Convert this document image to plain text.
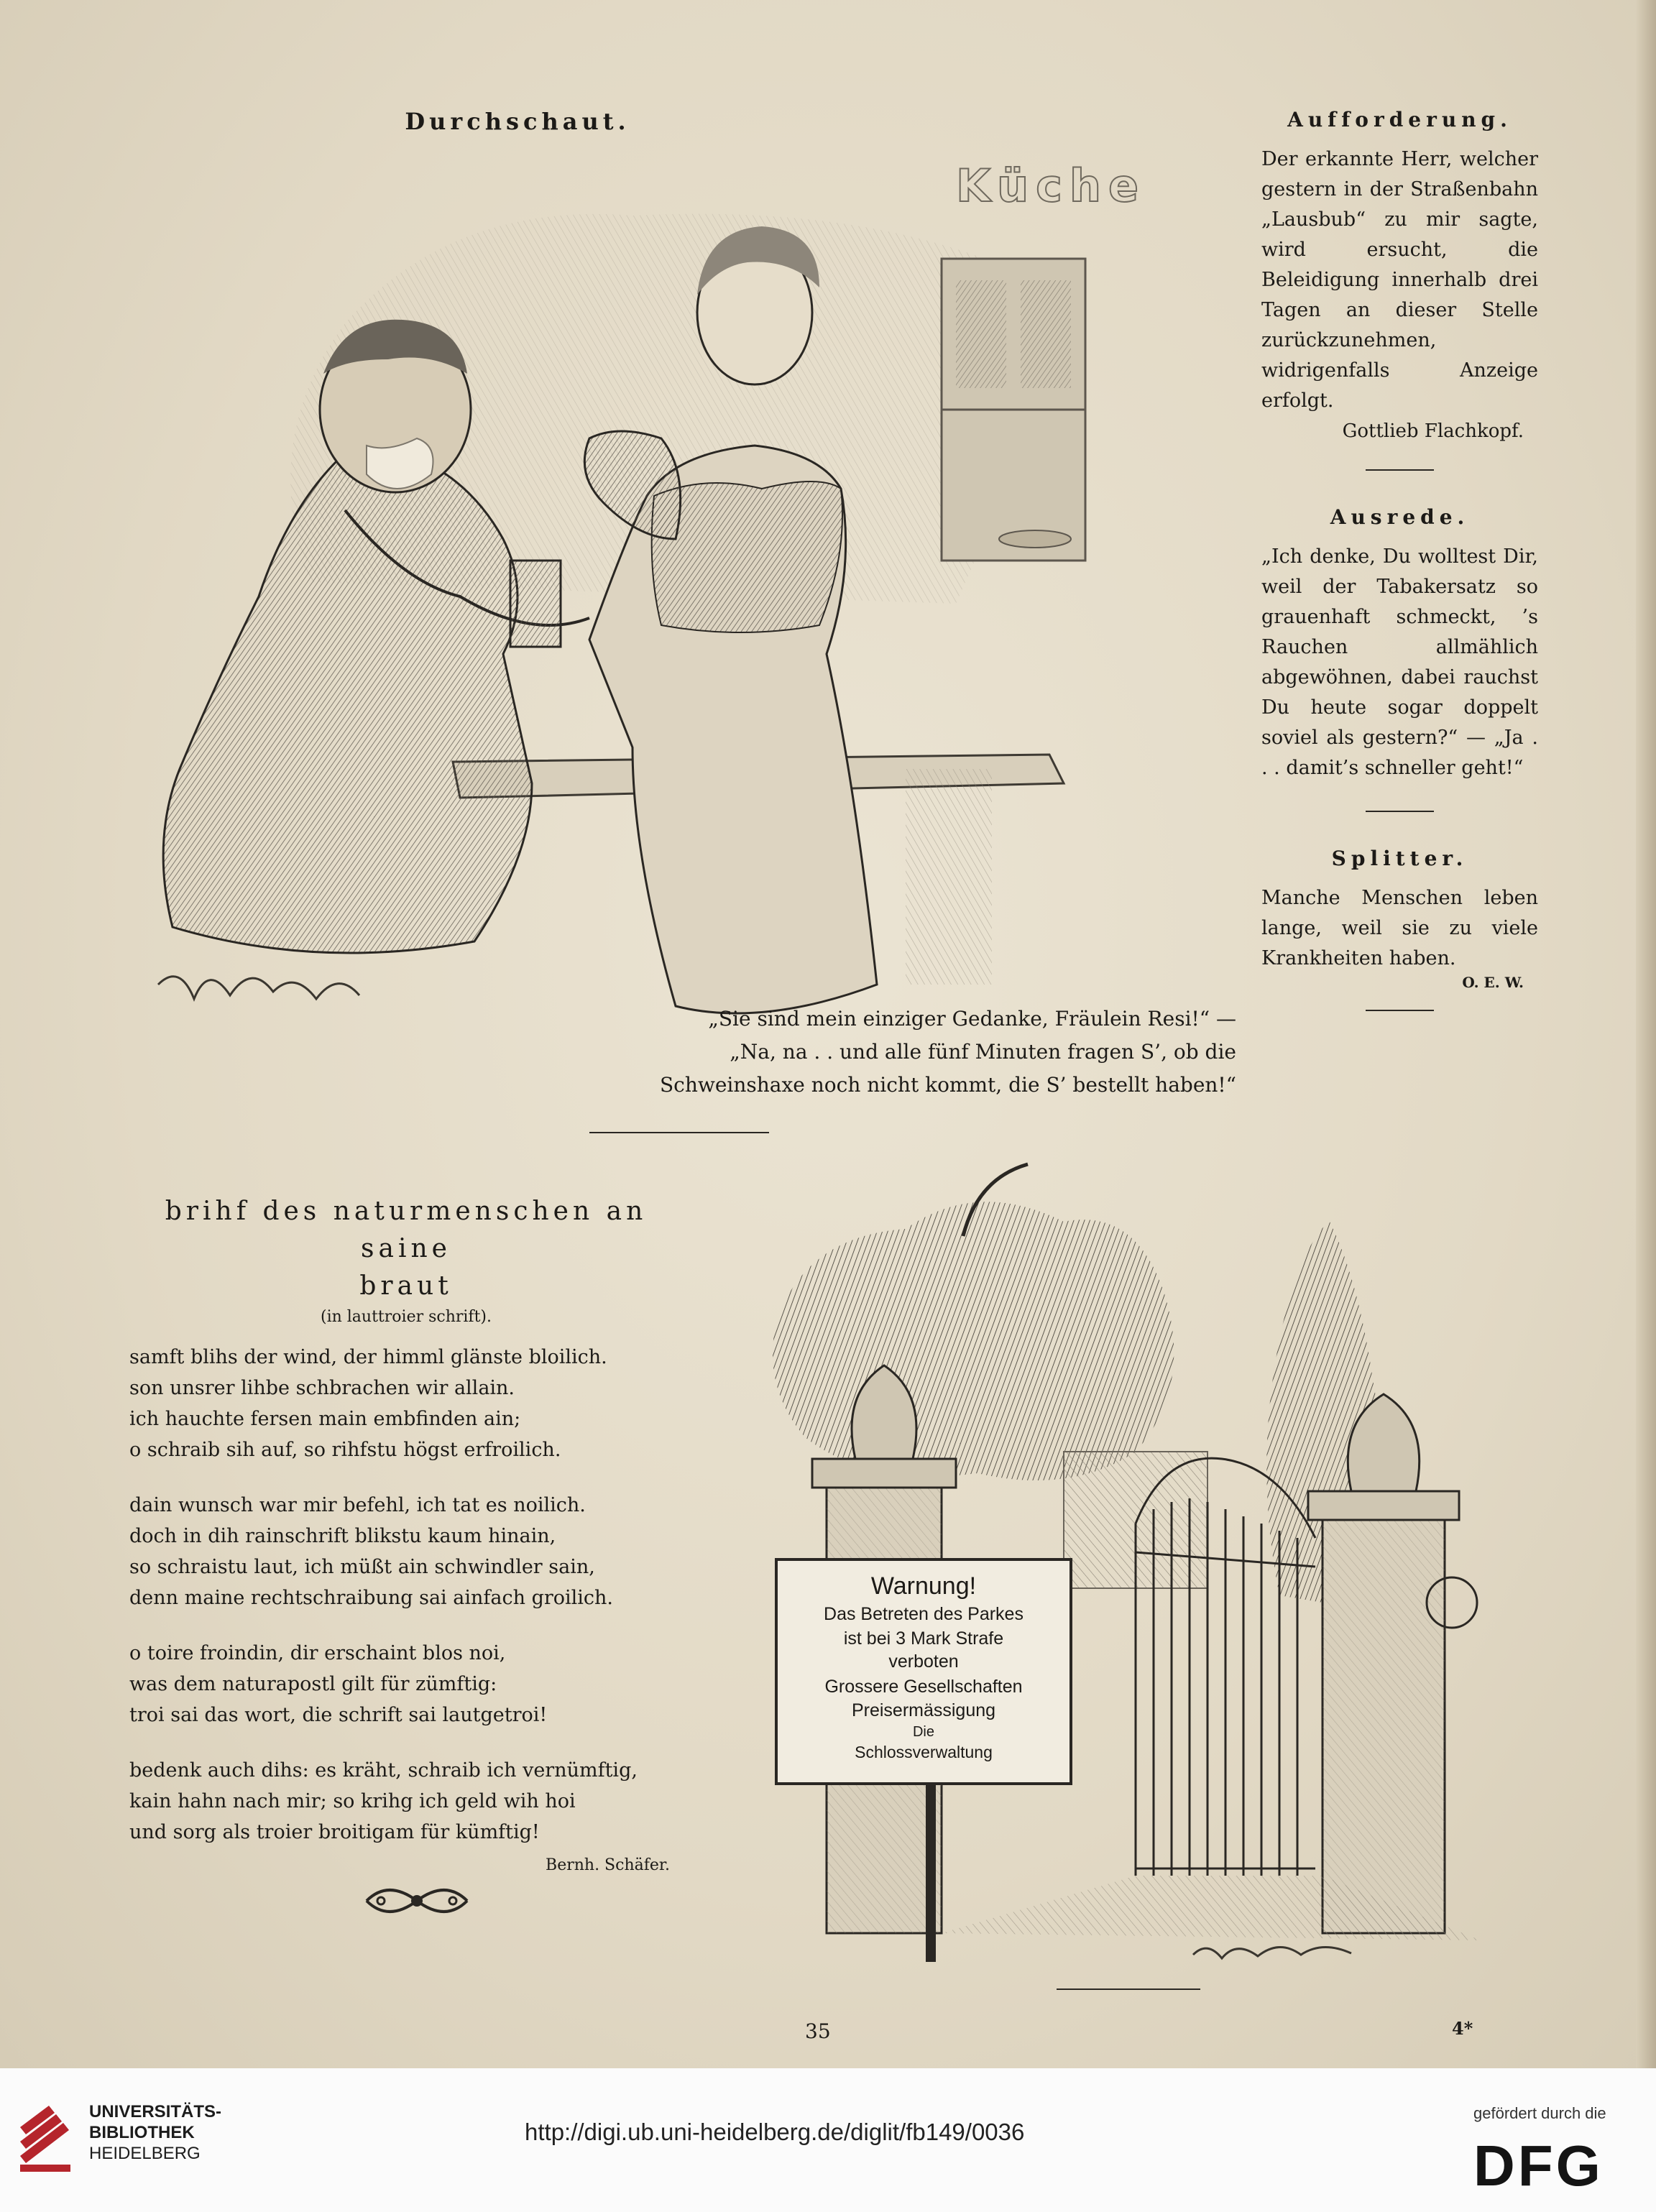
Durchschaut.
Küche
„Sie sind mein einziger Gedanke, Fräulein Resi!“ —
„Na, na . . und alle fünf Minuten fragen S’, ob die
Schweinshaxe noch nicht kommt, die S’ bestellt haben!“

Aufforderung.

Der erkannte Herr, welcher gestern in der Straßenbahn „Lausbub“ zu mir sagte, wird ersucht, die Beleidigung innerhalb drei Tagen an dieser Stelle zurückzunehmen, widrigenfalls Anzeige erfolgt.

Gottlieb Flachkopf.

Ausrede.

„Ich denke, Du wolltest Dir, weil der Tabakersatz so grauenhaft schmeckt, ’s Rauchen allmählich abgewöhnen, dabei rauchst Du heute sogar doppelt soviel als gestern?“ — „Ja . . . damit’s schneller geht!“

Splitter.

Manche Menschen leben lange, weil sie zu viele Krankheiten haben.

O. E. W.

brihf des naturmenschen an saine

braut

(in lauttroier schrift).

samft blihs der wind, der himml glänste bloilich.
son unsrer lihbe schbrachen wir allain.
ich hauchte fersen main embfinden ain;
o schraib sih auf, so rihfstu högst erfroilich.
dain wunsch war mir befehl, ich tat es noilich.
doch in dih rainschrift blikstu kaum hinain,
so schraistu laut, ich müßt ain schwindler sain,
denn maine rechtschraibung sai ainfach groilich.
o toire froindin, dir erschaint blos noi,
was dem naturapostl gilt für zümftig:
troi sai das wort, die schrift sai lautgetroi!
bedenk auch dihs: es kräht, schraib ich vernümftig,
kain hahn nach mir; so krihg ich geld wih hoi
und sorg als troier broitigam für kümftig!

Bernh. Schäfer.

Warnung!
Das Betreten des Parkes
ist bei 3 Mark Strafe
verboten
Grossere Gesellschaften
Preisermässigung
Die
Schlossverwaltung
35	4*
UNIVERSITÄTS-
BIBLIOTHEK
HEIDELBERG
http://digi.ub.uni-heidelberg.de/diglit/fb149/0036
gefördert durch die
DFG
